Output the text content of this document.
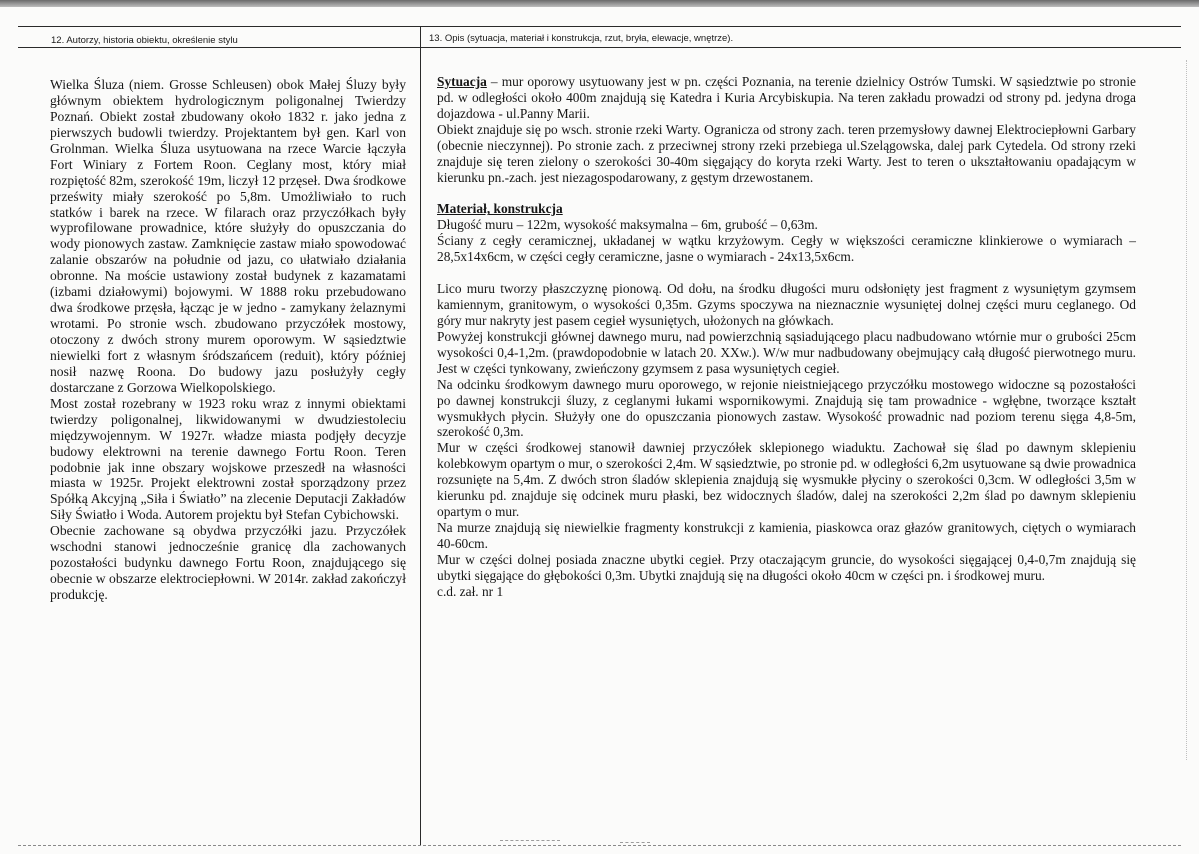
12. Autorzy, historia obiektu, określenie stylu	13. Opis (sytuacja, materiał i konstrukcja, rzut, bryła, elewacje, wnętrze).

Wielka Śluza (niem. Grosse Schleusen) obok Małej Śluzy były głównym obiektem hydrologicznym poligonalnej Twierdzy Poznań. Obiekt został zbudowany około 1832 r. jako jedna z pierwszych budowli twierdzy. Projektantem był gen. Karl von Grolnman. Wielka Śluza usytuowana na rzece Warcie łączyła Fort Winiary z Fortem Roon. Ceglany most, który miał rozpiętość 82m, szerokość 19m, liczył 12 przęseł. Dwa środkowe prześwity miały szerokość po 5,8m. Umożliwiało to ruch statków i barek na rzece. W filarach oraz przyczółkach były wyprofilowane prowadnice, które służyły do opuszczania do wody pionowych zastaw. Zamknięcie zastaw miało spowodować zalanie obszarów na południe od jazu, co ułatwiało działania obronne. Na moście ustawiony został budynek z kazamatami (izbami działowymi) bojowymi. W 1888 roku przebudowano dwa środkowe przęsła, łącząc je w jedno - zamykany żelaznymi wrotami. Po stronie wsch. zbudowano przyczółek mostowy, otoczony z dwóch strony murem oporowym. W sąsiedztwie niewielki fort z własnym śródszańcem (reduit), który później nosił nazwę Roona. Do budowy jazu posłużyły cegły dostarczane z Gorzowa Wielkopolskiego.

Most został rozebrany w 1923 roku wraz z innymi obiektami twierdzy poligonalnej, likwidowanymi w dwudziestoleciu międzywojennym. W 1927r. władze miasta podjęły decyzje budowy elektrowni na terenie dawnego Fortu Roon. Teren podobnie jak inne obszary wojskowe przeszedł na własności miasta w 1925r. Projekt elektrowni został sporządzony przez Spółką Akcyjną „Siła i Światło” na zlecenie Deputacji Zakładów Siły Światło i Woda. Autorem projektu był Stefan Cybichowski.

Obecnie zachowane są obydwa przyczółki jazu. Przyczółek wschodni stanowi jednocześnie granicę dla zachowanych pozostałości budynku dawnego Fortu Roon, znajdującego się obecnie w obszarze elektrociepłowni. W 2014r. zakład zakończył produkcję.

Sytuacja – mur oporowy usytuowany jest w pn. części Poznania, na terenie dzielnicy Ostrów Tumski. W sąsiedztwie po stronie pd. w odległości około 400m znajdują się Katedra i Kuria Arcybiskupia. Na teren zakładu prowadzi od strony pd. jedyna droga dojazdowa - ul.Panny Marii.

Obiekt znajduje się po wsch. stronie rzeki Warty. Ogranicza od strony zach. teren przemysłowy dawnej Elektrociepłowni Garbary (obecnie nieczynnej). Po stronie zach. z przeciwnej strony rzeki przebiega ul.Szelągowska, dalej park Cytedela. Od strony rzeki znajduje się teren zielony o szerokości 30-40m sięgający do koryta rzeki Warty. Jest to teren o ukształtowaniu opadającym w kierunku pn.-zach. jest niezagospodarowany, z gęstym drzewostanem.

Materiał, konstrukcja

Długość muru – 122m, wysokość maksymalna – 6m, grubość – 0,63m.

Ściany z cegły ceramicznej, układanej w wątku krzyżowym. Cegły w większości ceramiczne klinkierowe o wymiarach – 28,5x14x6cm, w części cegły ceramiczne, jasne o wymiarach - 24x13,5x6cm.

Lico muru tworzy płaszczyznę pionową. Od dołu, na środku długości muru odsłonięty jest fragment z wysuniętym gzymsem kamiennym, granitowym, o wysokości 0,35m. Gzyms spoczywa na nieznacznie wysuniętej dolnej części muru ceglanego. Od góry mur nakryty jest pasem cegieł wysuniętych, ułożonych na główkach.

Powyżej konstrukcji głównej dawnego muru, nad powierzchnią sąsiadującego placu nadbudowano wtórnie mur o grubości 25cm wysokości 0,4-1,2m. (prawdopodobnie w latach 20. XXw.). W/w mur nadbudowany obejmujący całą długość pierwotnego muru. Jest w części tynkowany, zwieńczony gzymsem z pasa wysuniętych cegieł.

Na odcinku środkowym dawnego muru oporowego, w rejonie nieistniejącego przyczółku mostowego widoczne są pozostałości po dawnej konstrukcji śluzy, z ceglanymi łukami wspornikowymi. Znajdują się tam prowadnice - wgłębne, tworzące kształt wysmukłych płycin. Służyły one do opuszczania pionowych zastaw. Wysokość prowadnic nad poziom terenu sięga 4,8-5m, szerokość 0,3m.

Mur w części środkowej stanowił dawniej przyczółek sklepionego wiaduktu. Zachował się ślad po dawnym sklepieniu kolebkowym opartym o mur, o szerokości 2,4m. W sąsiedztwie, po stronie pd. w odległości 6,2m usytuowane są dwie prowadnica rozsunięte na 5,4m. Z dwóch stron śladów sklepienia znajdują się wysmukłe płyciny o szerokości 0,3cm. W odległości 3,5m w kierunku pd. znajduje się odcinek muru płaski, bez widocznych śladów, dalej na szerokości 2,2m ślad po dawnym sklepieniu opartym o mur.

Na murze znajdują się niewielkie fragmenty konstrukcji z kamienia, piaskowca oraz głazów granitowych, ciętych o wymiarach 40-60cm.

Mur w części dolnej posiada znaczne ubytki cegieł. Przy otaczającym gruncie, do wysokości sięgającej 0,4-0,7m znajdują się ubytki sięgające do głębokości 0,3m. Ubytki znajdują się na długości około 40cm w części pn. i środkowej muru.

c.d. zał. nr 1
